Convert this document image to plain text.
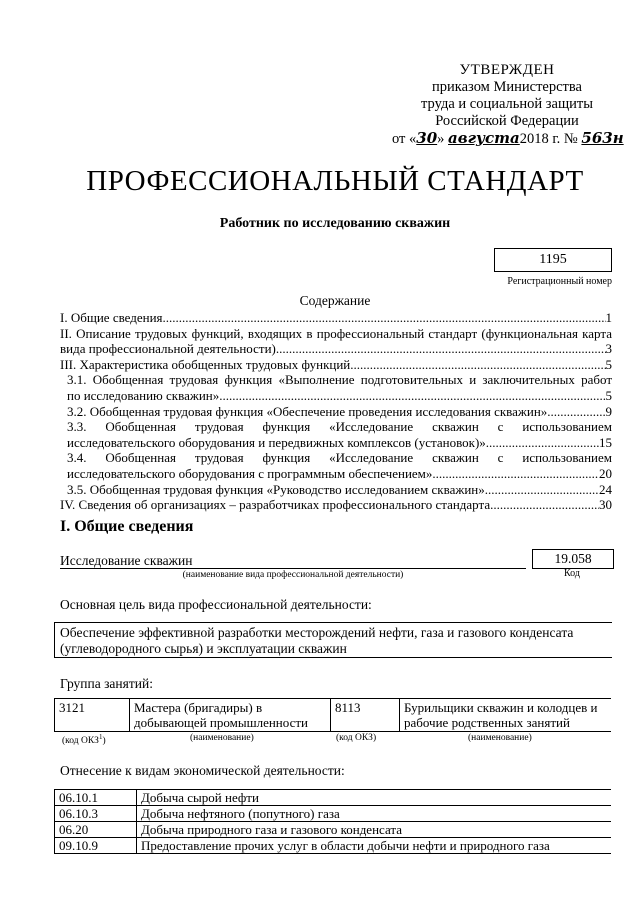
УТВЕРЖДЕН
приказом Министерства
труда и социальной защиты
Российской Федерации
от «30» августа2018 г. № 563н
ПРОФЕССИОНАЛЬНЫЙ СТАНДАРТ
Работник по исследованию скважин
1195
Регистрационный номер
Содержание
I. Общие сведения .....	1
II. Описание трудовых функций, входящих в профессиональный стандарт (функциональная карта
вида профессиональной деятельности) .....	3
III. Характеристика обобщенных трудовых функций .....	5
3.1. Обобщенная трудовая функция «Выполнение подготовительных и заключительных работ
по исследованию скважин» .....	5
3.2. Обобщенная трудовая функция «Обеспечение проведения исследования скважин» .....	9
3.3. Обобщенная трудовая функция «Исследование скважин с использованием
исследовательского оборудования и передвижных комплексов (установок)» .....	15
3.4. Обобщенная трудовая функция «Исследование скважин с использованием
исследовательского оборудования с программным обеспечением» .....	20
3.5. Обобщенная трудовая функция «Руководство исследованием скважин» .....	24
IV. Сведения об организациях – разработчиках профессионального стандарта .....	30
I. Общие сведения
Исследование скважин
(наименование вида профессиональной деятельности)
19.058
Код
Основная цель вида профессиональной деятельности:
Обеспечение эффективной разработки месторождений нефти, газа и газового конденсата (углеводородного сырья) и эксплуатации скважин
Группа занятий:
3121	Мастера (бригадиры) в добывающей промышленности	8113	Бурильщики скважин и колодцев и рабочие родственных занятий
(код ОКЗ$^1$)	(наименование)	(код ОКЗ)	(наименование)
Отнесение к видам экономической деятельности:
06.10.1	Добыча сырой нефти
06.10.3	Добыча нефтяного (попутного) газа
06.20	Добыча природного газа и газового конденсата
09.10.9	Предоставление прочих услуг в области добычи нефти и природного газа
